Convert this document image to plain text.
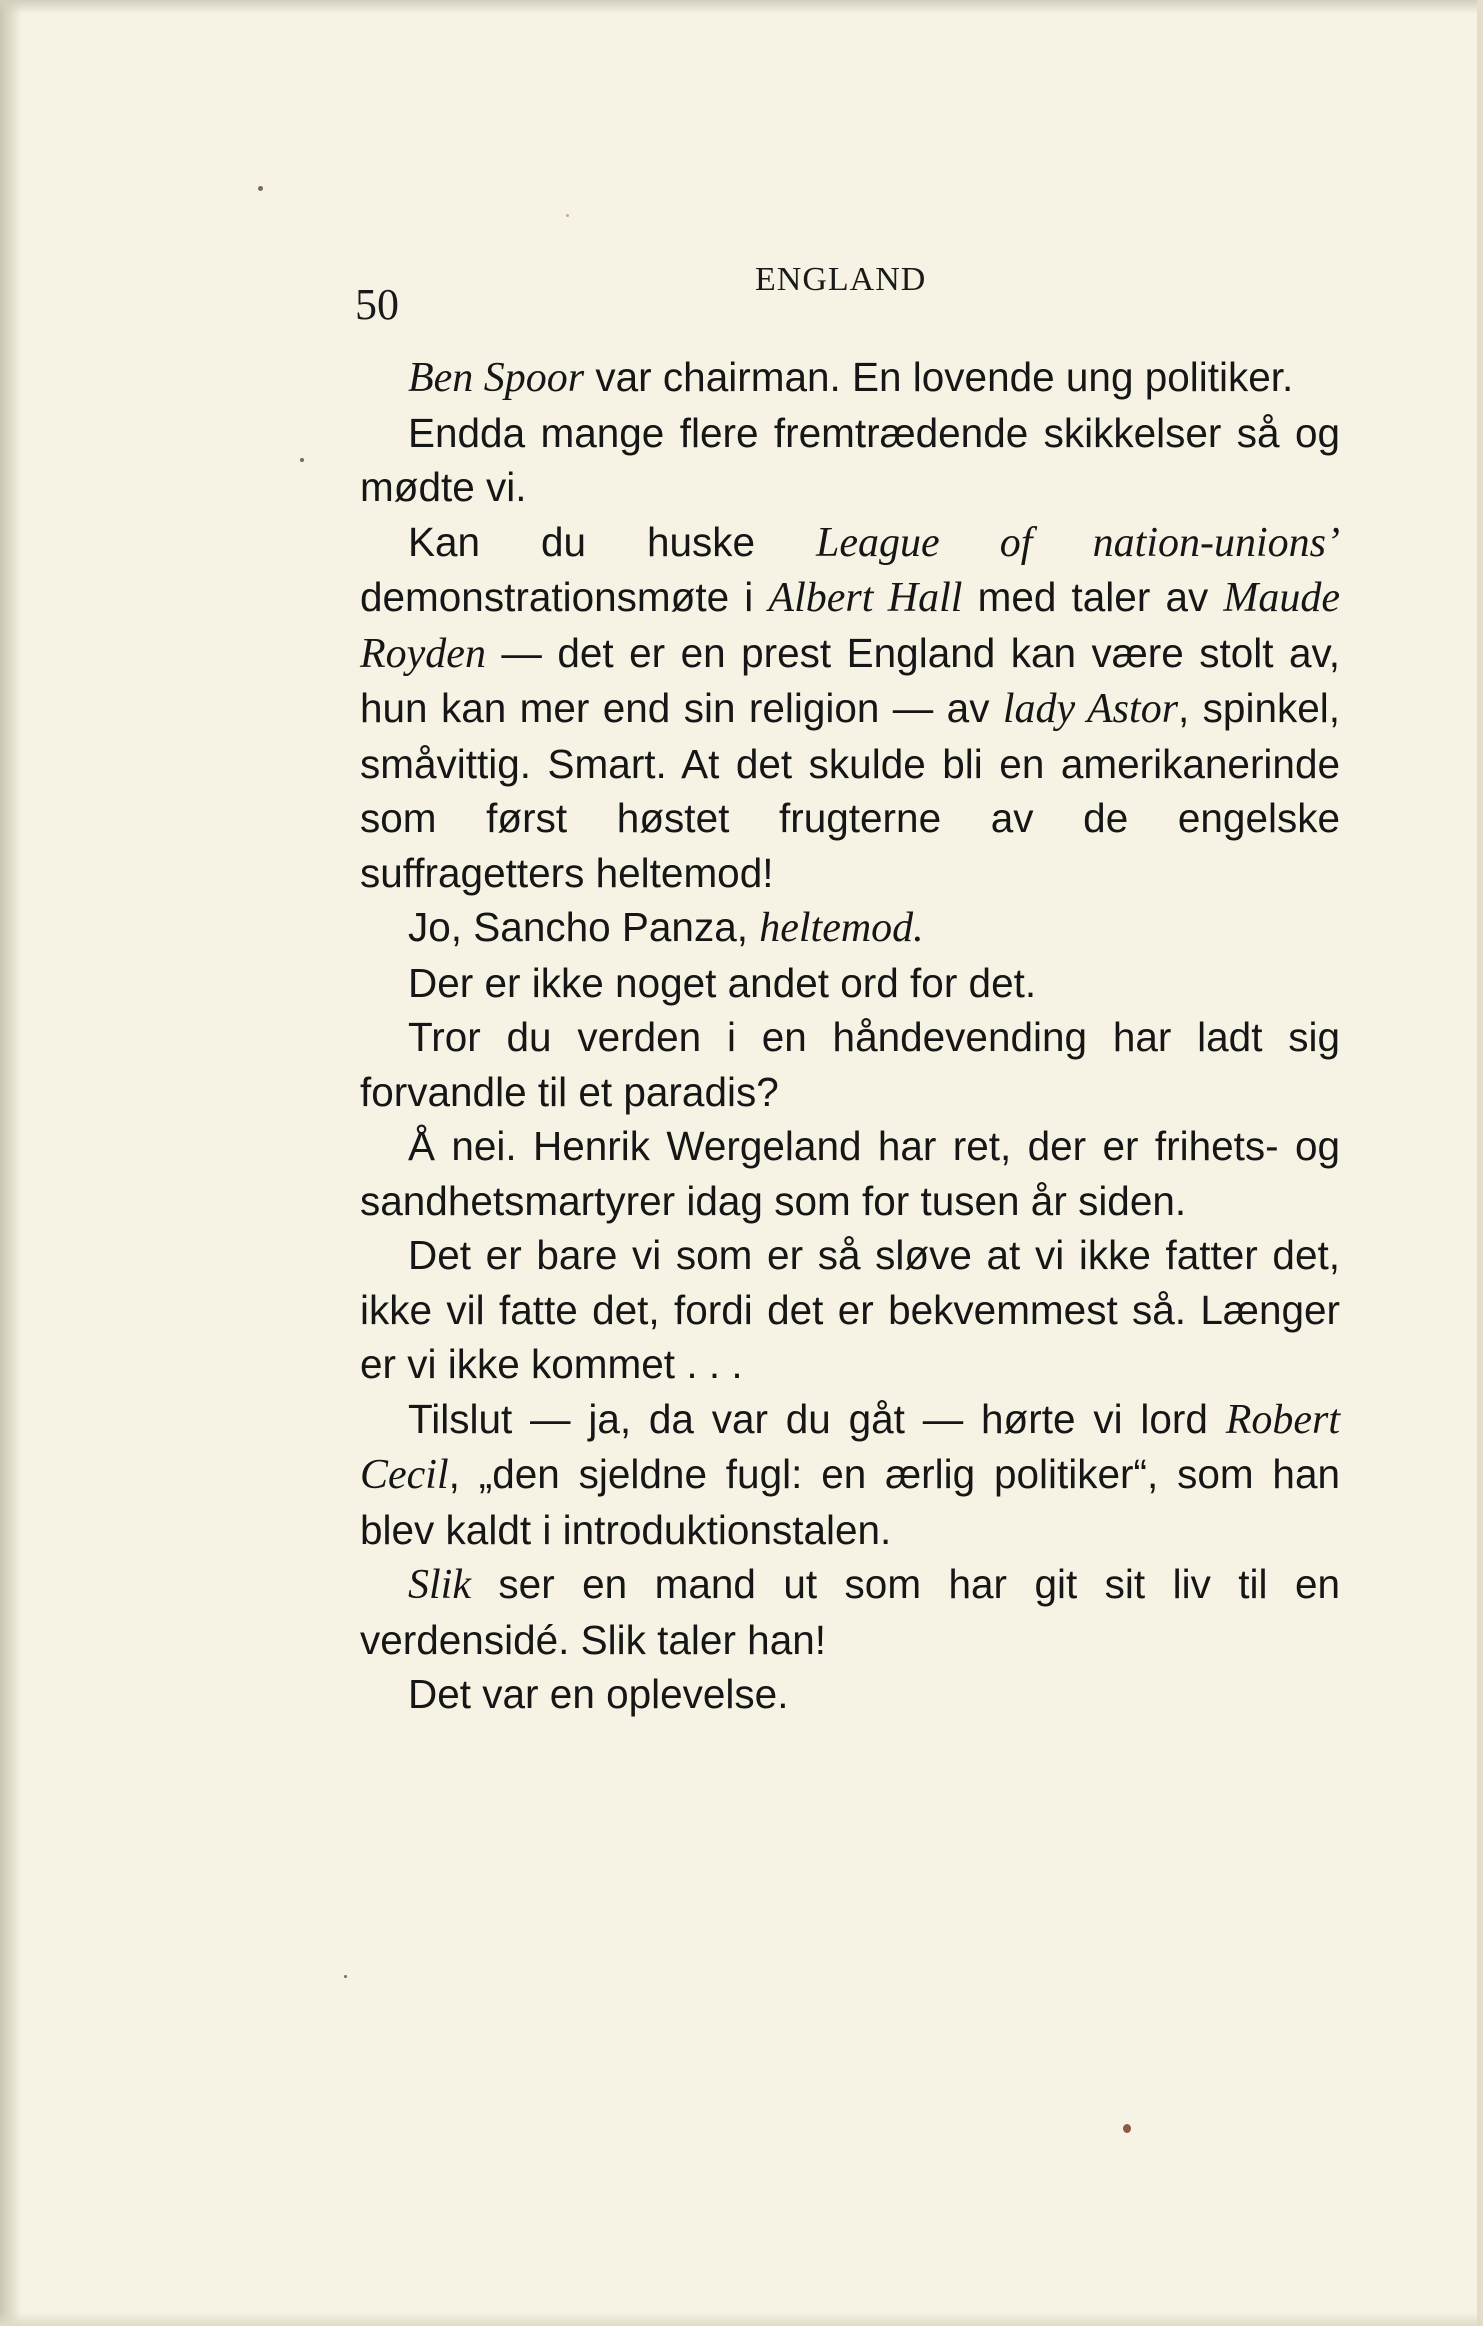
50
ENGLAND

Ben Spoor var chairman. En lovende ung politiker.

Endda mange flere fremtrædende skikkelser så og mødte vi.

Kan du huske League of nation-unions’ demonstrationsmøte i Albert Hall med taler av Maude Royden — det er en prest England kan være stolt av, hun kan mer end sin religion — av lady Astor, spinkel, småvittig. Smart. At det skulde bli en amerikanerinde som først høstet frugterne av de engelske suffragetters heltemod!

Jo, Sancho Panza, heltemod.

Der er ikke noget andet ord for det.

Tror du verden i en håndevending har ladt sig forvandle til et paradis?

Å nei. Henrik Wergeland har ret, der er frihets- og sandhetsmartyrer idag som for tusen år siden.

Det er bare vi som er så sløve at vi ikke fatter det, ikke vil fatte det, fordi det er bekvemmest så. Længer er vi ikke kommet . . .

Tilslut — ja, da var du gåt — hørte vi lord Robert Cecil, „den sjeldne fugl: en ærlig politiker“, som han blev kaldt i introduktionstalen.

Slik ser en mand ut som har git sit liv til en verdensidé. Slik taler han!

Det var en oplevelse.
